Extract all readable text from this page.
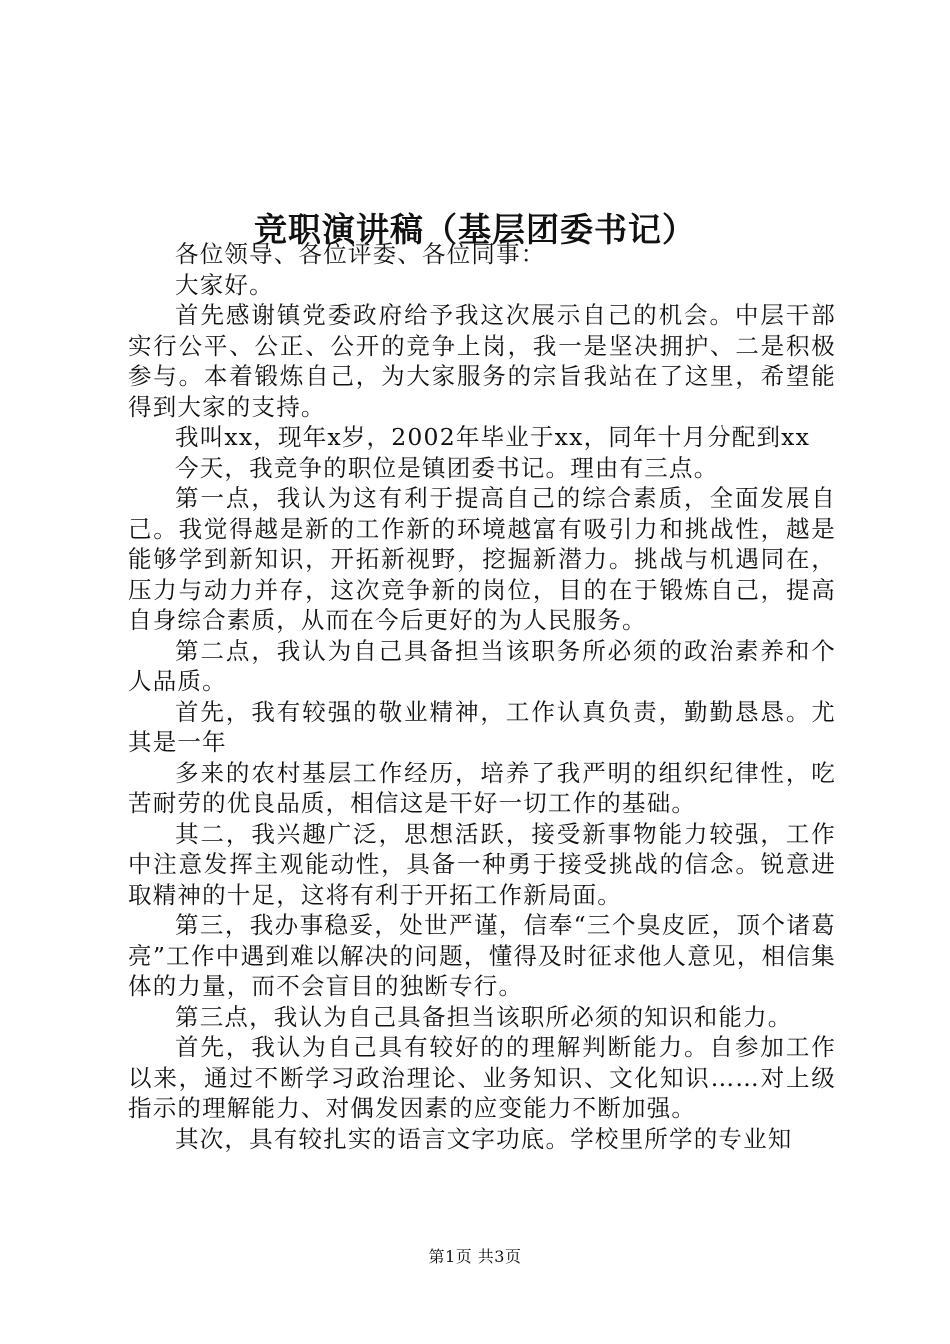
竞职演讲稿（基层团委书记）

各位领导、各位评委、各位同事：

大家好。

首先感谢镇党委政府给予我这次展示自己的机会。中层干部实行公平、公正、公开的竞争上岗，我一是坚决拥护、二是积极参与。本着锻炼自己，为大家服务的宗旨我站在了这里，希望能得到大家的支持。

我叫xx，现年x岁，2002年毕业于xx，同年十月分配到xx

今天，我竞争的职位是镇团委书记。理由有三点。

第一点，我认为这有利于提高自己的综合素质，全面发展自己。我觉得越是新的工作新的环境越富有吸引力和挑战性，越是能够学到新知识，开拓新视野，挖掘新潜力。挑战与机遇同在，压力与动力并存，这次竞争新的岗位，目的在于锻炼自己，提高自身综合素质，从而在今后更好的为人民服务。

第二点，我认为自己具备担当该职务所必须的政治素养和个人品质。

首先，我有较强的敬业精神，工作认真负责，勤勤恳恳。尤其是一年

多来的农村基层工作经历，培养了我严明的组织纪律性，吃苦耐劳的优良品质，相信这是干好一切工作的基础。

其二，我兴趣广泛，思想活跃，接受新事物能力较强，工作中注意发挥主观能动性，具备一种勇于接受挑战的信念。锐意进取精神的十足，这将有利于开拓工作新局面。

第三，我办事稳妥，处世严谨，信奉“三个臭皮匠，顶个诸葛亮”工作中遇到难以解决的问题，懂得及时征求他人意见，相信集体的力量，而不会盲目的独断专行。

第三点，我认为自己具备担当该职所必须的知识和能力。

首先，我认为自己具有较好的的理解判断能力。自参加工作以来，通过不断学习政治理论、业务知识、文化知识……对上级指示的理解能力、对偶发因素的应变能力不断加强。

其次，具有较扎实的语言文字功底。学校里所学的专业知

第1页 共3页
